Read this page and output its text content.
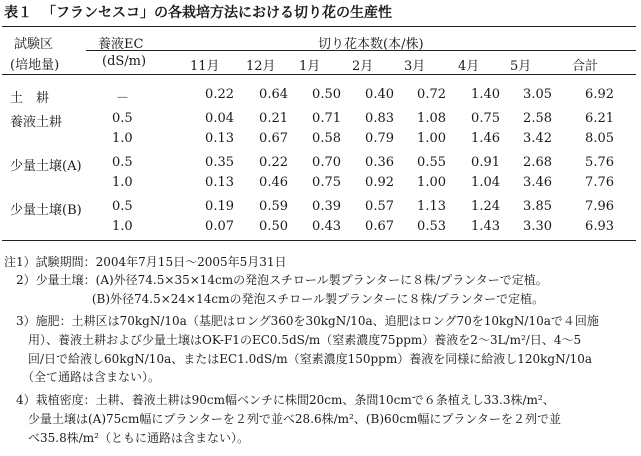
表１ 「フランセスコ」の各栽培方法における切り花の生産性
試験区
(培地量)
養液EC
(dS/m)
切り花本数(本/株)
11月 12月 1月 2月 3月	4月 5月	合計
土　耕	－	0.22	0.64	0.50	0.40	0.72	1.40	3.05	6.92
養液土耕	0.5	0.04	0.21	0.71	0.83	1.08	0.75	2.58	6.21
1.0	0.13	0.67	0.58	0.79	1.00	1.46	3.42	8.05
少量土壌(A) 0.5	0.35	0.22	0.70	0.36	0.55	0.91	2.68	5.76
1.0	0.13	0.46	0.75	0.92	1.00	1.04	3.46	7.76
少量土壌(B) 0.5	0.19	0.59	0.39	0.57	1.13	1.24	3.85	7.96
1.0	0.07	0.50	0.43	0.67	0.53	1.43	3.30	6.93
注1）試験期間：2004年7月15日～2005年5月31日
　2）少量土壌：(A)外径74.5×35×14cmの発泡スチロール製プランターに８株/プランターで定植。
　　　　　　　 (B)外径74.5×24×14cmの発泡スチロール製プランターに８株/プランターで定植。
　3）施肥：土耕区は70kgN/10a（基肥はロング360を30kgN/10a、追肥はロング70を10kgN/10aで４回施
　　用）、養液土耕および少量土壌はOK-F1のEC0.5dS/m（窒素濃度75ppm）養液を2～3L/m²/日、4～5
　　回/日で給液し60kgN/10a、またはEC1.0dS/m（窒素濃度150ppm）養液を同様に給液し120kgN/10a
　　（全て通路は含まない）。
　4）栽植密度：土耕、養液土耕は90cm幅ベンチに株間20cm、条間10cmで６条植えし33.3株/m²、
　　少量土壌は(A)75cm幅にプランターを２列で並べ28.6株/m²、(B)60cm幅にプランターを２列で並
　　べ35.8株/m²（ともに通路は含まない）。
